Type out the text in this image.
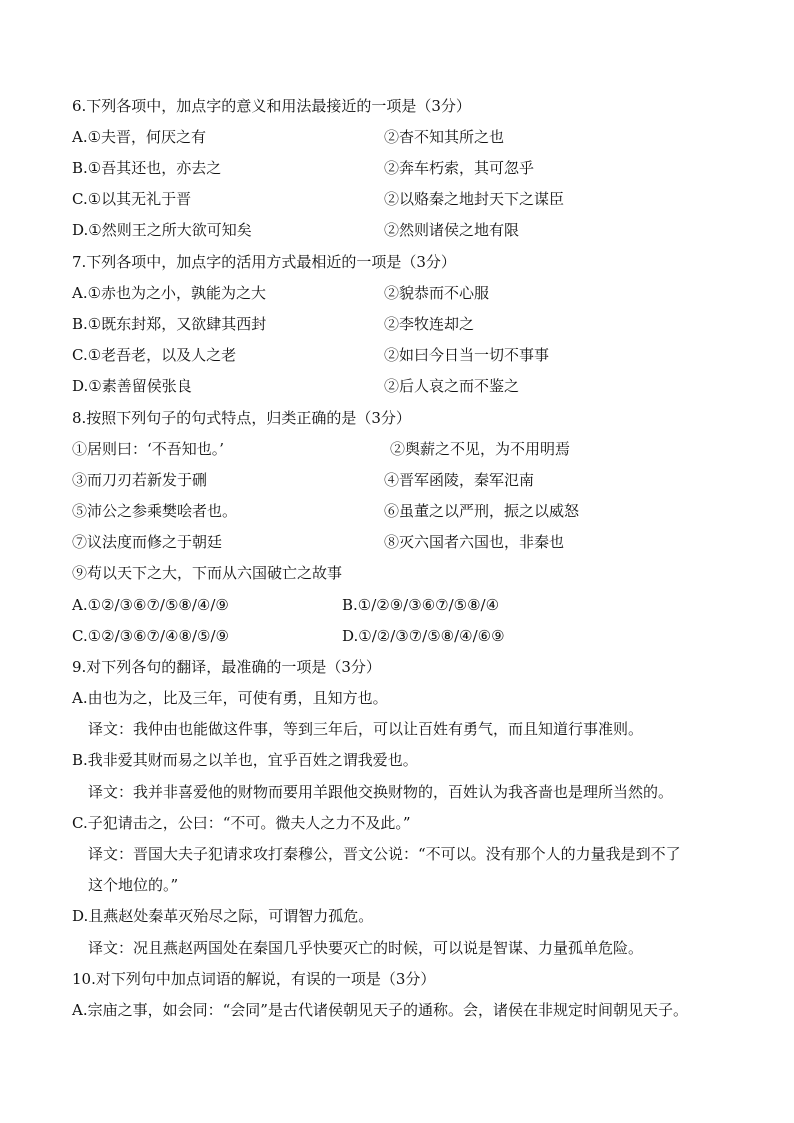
6.下列各项中，加点字的意义和用法最接近的一项是（3分）
A.①夫晋，何厌之有	②杳不知其所之也
B.①吾其还也，亦去之	②奔车朽索，其可忽乎
C.①以其无礼于晋	②以赂秦之地封天下之谋臣
D.①然则王之所大欲可知矣	②然则诸侯之地有限
7.下列各项中，加点字的活用方式最相近的一项是（3分）
A.①赤也为之小，孰能为之大	②貌恭而不心服
B.①既东封郑，又欲肆其西封	②李牧连却之
C.①老吾老，以及人之老	②如曰今日当一切不事事
D.①素善留侯张良	②后人哀之而不鉴之
8.按照下列句子的句式特点，归类正确的是（3分）
①居则曰：‘不吾知也。’	②舆薪之不见，为不用明焉
③而刀刃若新发于硎	④晋军函陵，秦军氾南
⑤沛公之参乘樊哙者也。	⑥虽董之以严刑，振之以威怒
⑦议法度而修之于朝廷	⑧灭六国者六国也，非秦也
⑨苟以天下之大，下而从六国破亡之故事
A.①②/③⑥⑦/⑤⑧/④/⑨	B.①/②⑨/③⑥⑦/⑤⑧/④
C.①②/③⑥⑦/④⑧/⑤/⑨	D.①/②/③⑦/⑤⑧/④/⑥⑨
9.对下列各句的翻译，最准确的一项是（3分）
A.由也为之，比及三年，可使有勇，且知方也。
译文：我仲由也能做这件事，等到三年后，可以让百姓有勇气，而且知道行事准则。
B.我非爱其财而易之以羊也，宜乎百姓之谓我爱也。
译文：我并非喜爱他的财物而要用羊跟他交换财物的，百姓认为我吝啬也是理所当然的。
C.子犯请击之，公曰：“不可。微夫人之力不及此。”
译文：晋国大夫子犯请求攻打秦穆公，晋文公说：“不可以。没有那个人的力量我是到不了
这个地位的。”
D.且燕赵处秦革灭殆尽之际，可谓智力孤危。
译文：况且燕赵两国处在秦国几乎快要灭亡的时候，可以说是智谋、力量孤单危险。
10.对下列句中加点词语的解说，有误的一项是（3分）
A.宗庙之事，如会同：“会同”是古代诸侯朝见天子的通称。会，诸侯在非规定时间朝见天子。
